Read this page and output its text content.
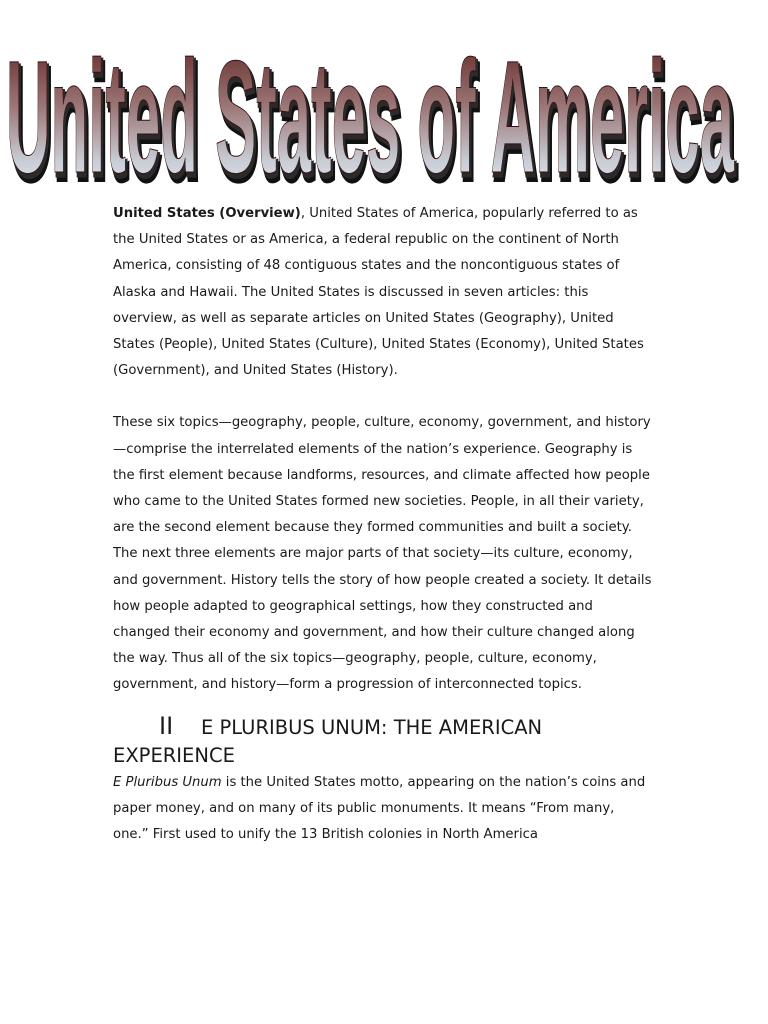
United States of America
United States of America
United States of America

United States (Overview), United States of America, popularly referred to as the United States or as America, a federal republic on the continent of North America, consisting of 48 contiguous states and the noncontiguous states of Alaska and Hawaii. The United States is discussed in seven articles: this overview, as well as separate articles on United States (Geography), United States (People), United States (Culture), United States (Economy), United States (Government), and United States (History).

These six topics—geography, people, culture, economy, government, and history—comprise the interrelated elements of the nation’s experience. Geography is the first element because landforms, resources, and climate affected how people who came to the United States formed new societies. People, in all their variety, are the second element because they formed communities and built a society. The next three elements are major parts of that society—its culture, economy, and government. History tells the story of how people created a society. It details how people adapted to geographical settings, how they constructed and changed their economy and government, and how their culture changed along the way. Thus all of the six topics—geography, people, culture, economy, government, and history—form a progression of interconnected topics.

II E PLURIBUS UNUM: THE AMERICAN EXPERIENCE

E Pluribus Unum is the United States motto, appearing on the nation’s coins and paper money, and on many of its public monuments. It means “From many, one.” First used to unify the 13 British colonies in North America
